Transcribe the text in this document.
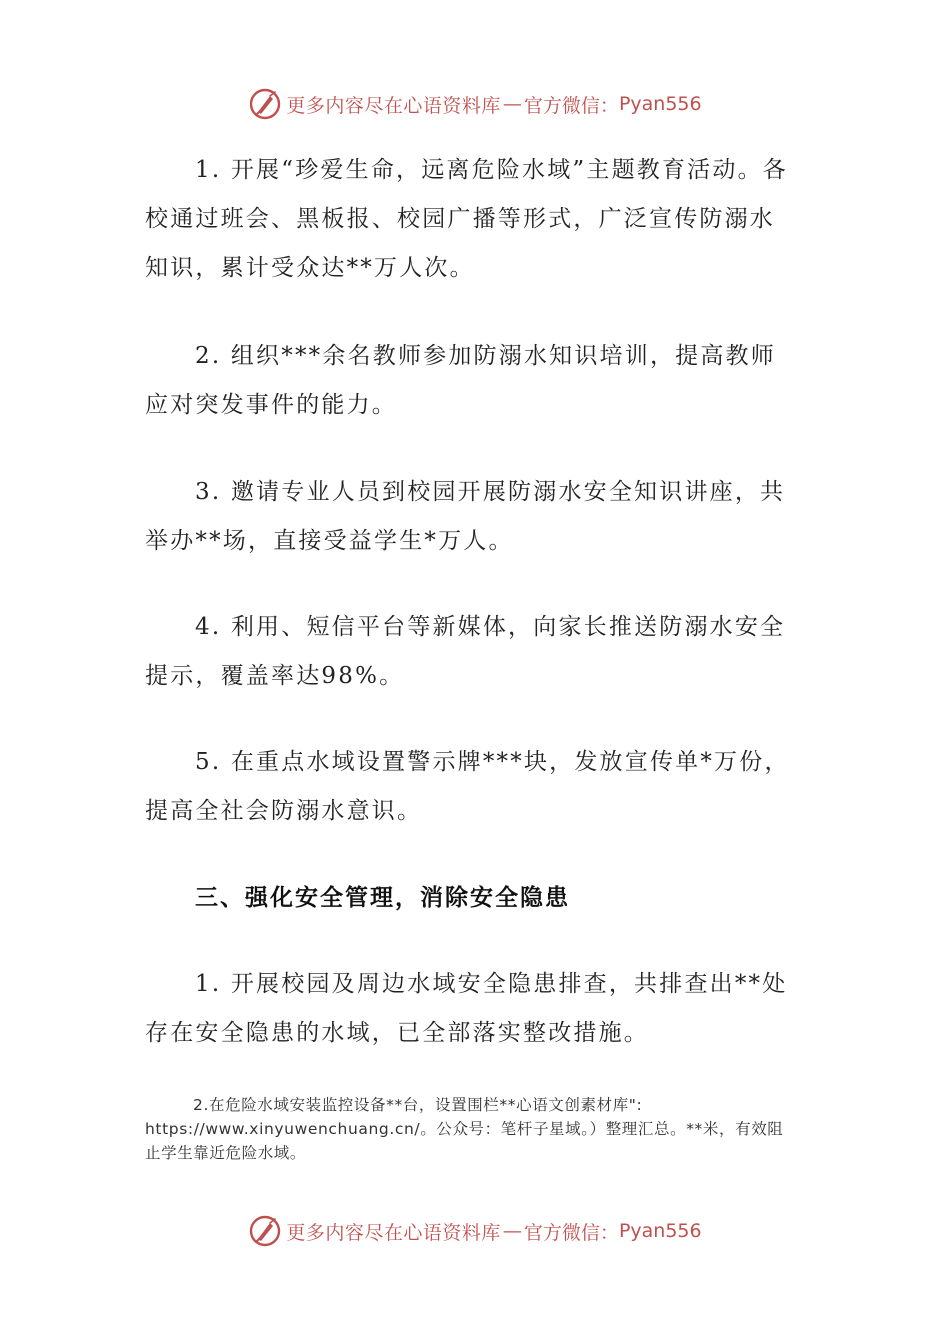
更多内容尽在心语资料库 — 官方微信： Pyan556

1. 开展“珍爱生命，远离危险水域”主题教育活动。各校通过班会、黑板报、校园广播等形式，广泛宣传防溺水知识，累计受众达**万人次。

2. 组织***余名教师参加防溺水知识培训，提高教师应对突发事件的能力。

3. 邀请专业人员到校园开展防溺水安全知识讲座，共举办**场，直接受益学生*万人。

4. 利用、短信平台等新媒体，向家长推送防溺水安全提示，覆盖率达98%。

5. 在重点水域设置警示牌***块，发放宣传单*万份，提高全社会防溺水意识。

三、强化安全管理，消除安全隐患

1. 开展校园及周边水域安全隐患排查，共排查出**处存在安全隐患的水域，已全部落实整改措施。

2.在危险水域安装监控设备**台，设置围栏**心语文创素材库": https://www.xinyuwenchuang.cn/。公众号：笔杆子星域。）整理汇总。**米，有效阻止学生靠近危险水域。

更多内容尽在心语资料库 — 官方微信： Pyan556
